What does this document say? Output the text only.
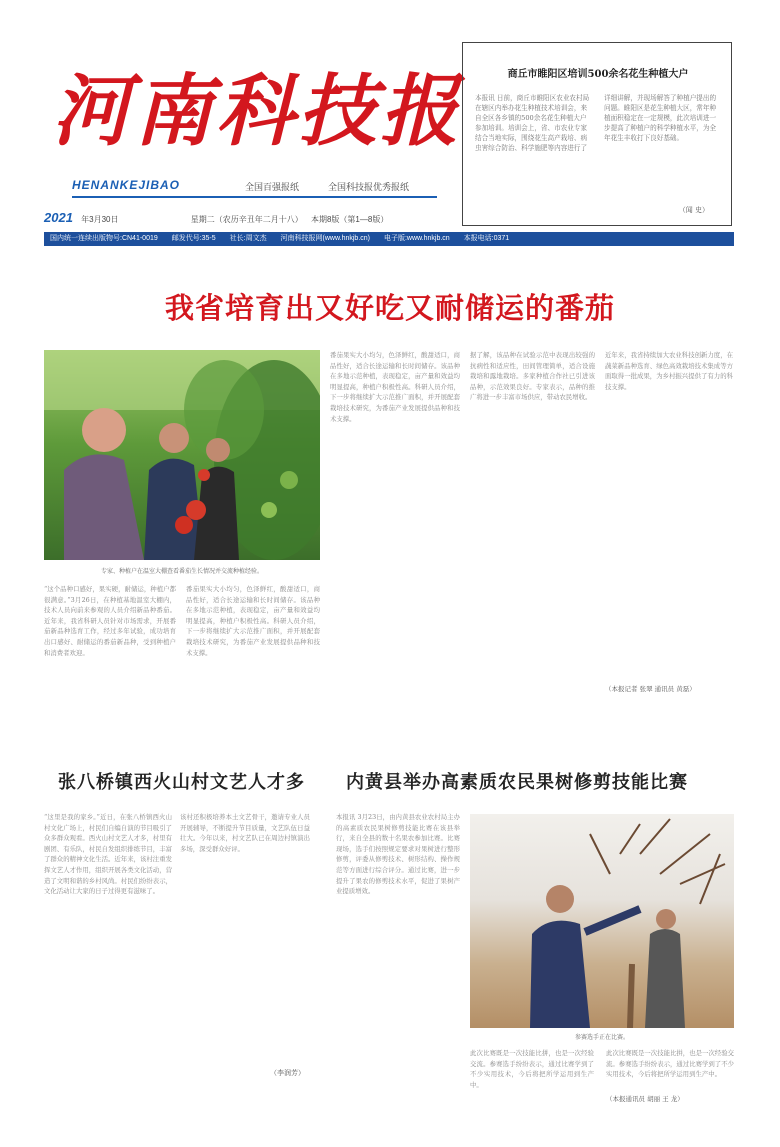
河南科技报
HENANKEJIBAO	全国百强报纸	全国科技报优秀报纸
2021 年3月30日	星期二（农历辛丑年二月十八） 本期8版（第1—8版）
国内统一连续出版物号:CN41-0019 邮发代号:35-5 社长:周文杰 河南科技报网(www.hnkjb.cn) 电子版:www.hnkjb.cn 本报电话:0371
商丘市睢阳区培训500余名花生种植大户
本报讯 日前，商丘市睢阳区农业农村局在辖区内举办花生种植技术培训会，来自全区各乡镇的500余名花生种植大户参加培训。培训会上，省、市农业专家结合当地实际，围绕花生高产栽培、病虫害综合防治、科学施肥等内容进行了详细讲解，并现场解答了种植户提出的问题。睢阳区是花生种植大区，常年种植面积稳定在一定规模，此次培训进一步提高了种植户的科学种植水平，为全年花生丰收打下良好基础。
（闻 史）
我省培育出又好吃又耐储运的番茄
专家、种植户在温室大棚查看番茄生长情况并交流种植经验。
“这个品种口感好，果实硬，耐储运，种植户都很满意。”3月26日，在种植基地温室大棚内，技术人员向前来参观的人员介绍新品种番茄。近年来，我省科研人员针对市场需求，开展番茄新品种选育工作，经过多年试验，成功培育出口感好、耐储运的番茄新品种，受到种植户和消费者欢迎。
番茄果实大小均匀，色泽鲜红，酸甜适口，商品性好，适合长途运输和长时间储存。该品种在多地示范种植，表现稳定，亩产量和效益均明显提高，种植户积极性高。科研人员介绍，下一步将继续扩大示范推广面积，并开展配套栽培技术研究，为番茄产业发展提供品种和技术支撑。
番茄果实大小均匀，色泽鲜红，酸甜适口，商品性好，适合长途运输和长时间储存。该品种在多地示范种植，表现稳定，亩产量和效益均明显提高，种植户积极性高。科研人员介绍，下一步将继续扩大示范推广面积，并开展配套栽培技术研究，为番茄产业发展提供品种和技术支撑。
据了解，该品种在试验示范中表现出较强的抗病性和适应性，田间管理简单，适合设施栽培和露地栽培。多家种植合作社已引进该品种，示范效果良好。专家表示，品种的推广将进一步丰富市场供应，带动农民增收。
近年来，我省持续加大农业科技创新力度，在蔬菜新品种选育、绿色高效栽培技术集成等方面取得一批成果，为乡村振兴提供了有力的科技支撑。
（本报记者 张翠 通讯员 黄磊）
张八桥镇西火山村文艺人才多
“这里是我的家乡。”近日，在张八桥镇西火山村文化广场上，村民们自编自演的节目吸引了众多群众观看。西火山村文艺人才多，村里有剧团、有乐队，村民自发组织排练节目，丰富了群众的精神文化生活。近年来，该村注重发挥文艺人才作用，组织开展各类文化活动，营造了文明和谐的乡村风尚。村民们纷纷表示，文化活动让大家的日子过得更有滋味了。
该村还积极培养本土文艺骨干，邀请专业人员开展辅导，不断提升节目质量，文艺队伍日益壮大。今年以来，村文艺队已在周边村镇演出多场，深受群众好评。
（李润芳）
内黄县举办高素质农民果树修剪技能比赛
本报讯 3月23日，由内黄县农业农村局主办的高素质农民果树修剪技能比赛在该县举行，来自全县的数十名果农参加比赛。比赛现场，选手们按照规定要求对果树进行整形修剪，评委从修剪技术、树形结构、操作规范等方面进行综合评分。通过比赛，进一步提升了果农的修剪技术水平，促进了果树产业提质增效。
参赛选手正在比赛。
此次比赛既是一次技能比拼，也是一次经验交流。参赛选手纷纷表示，通过比赛学到了不少实用技术，今后将把所学运用到生产中。
此次比赛既是一次技能比拼，也是一次经验交流。参赛选手纷纷表示，通过比赛学到了不少实用技术，今后将把所学运用到生产中。
（本报通讯员 胡丽 王 龙）
